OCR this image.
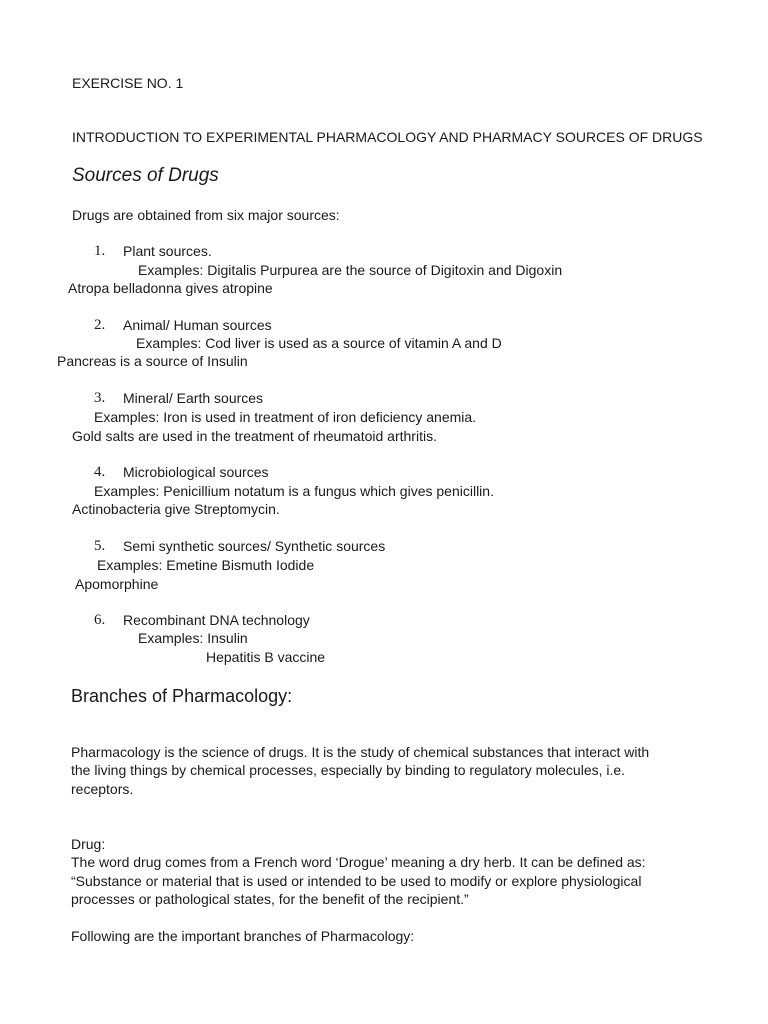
EXERCISE NO. 1
INTRODUCTION TO EXPERIMENTAL PHARMACOLOGY AND PHARMACY SOURCES OF DRUGS
Sources of Drugs
Drugs are obtained from six major sources:
1. Plant sources.
Examples: Digitalis Purpurea are the source of Digitoxin and Digoxin
Atropa belladonna gives atropine
2. Animal/ Human sources
Examples: Cod liver is used as a source of vitamin A and D
Pancreas is a source of Insulin
3. Mineral/ Earth sources
Examples: Iron is used in treatment of iron deficiency anemia.
Gold salts are used in the treatment of rheumatoid arthritis.
4. Microbiological sources
Examples: Penicillium notatum is a fungus which gives penicillin.
Actinobacteria give Streptomycin.
5. Semi synthetic sources/ Synthetic sources
Examples: Emetine Bismuth Iodide
Apomorphine
6. Recombinant DNA technology
Examples: Insulin
Hepatitis B vaccine
Branches of Pharmacology:
Pharmacology is the science of drugs. It is the study of chemical substances that interact with
the living things by chemical processes, especially by binding to regulatory molecules, i.e.
receptors.
Drug:
The word drug comes from a French word ‘Drogue’ meaning a dry herb. It can be defined as:
“Substance or material that is used or intended to be used to modify or explore physiological
processes or pathological states, for the benefit of the recipient.”
Following are the important branches of Pharmacology:
